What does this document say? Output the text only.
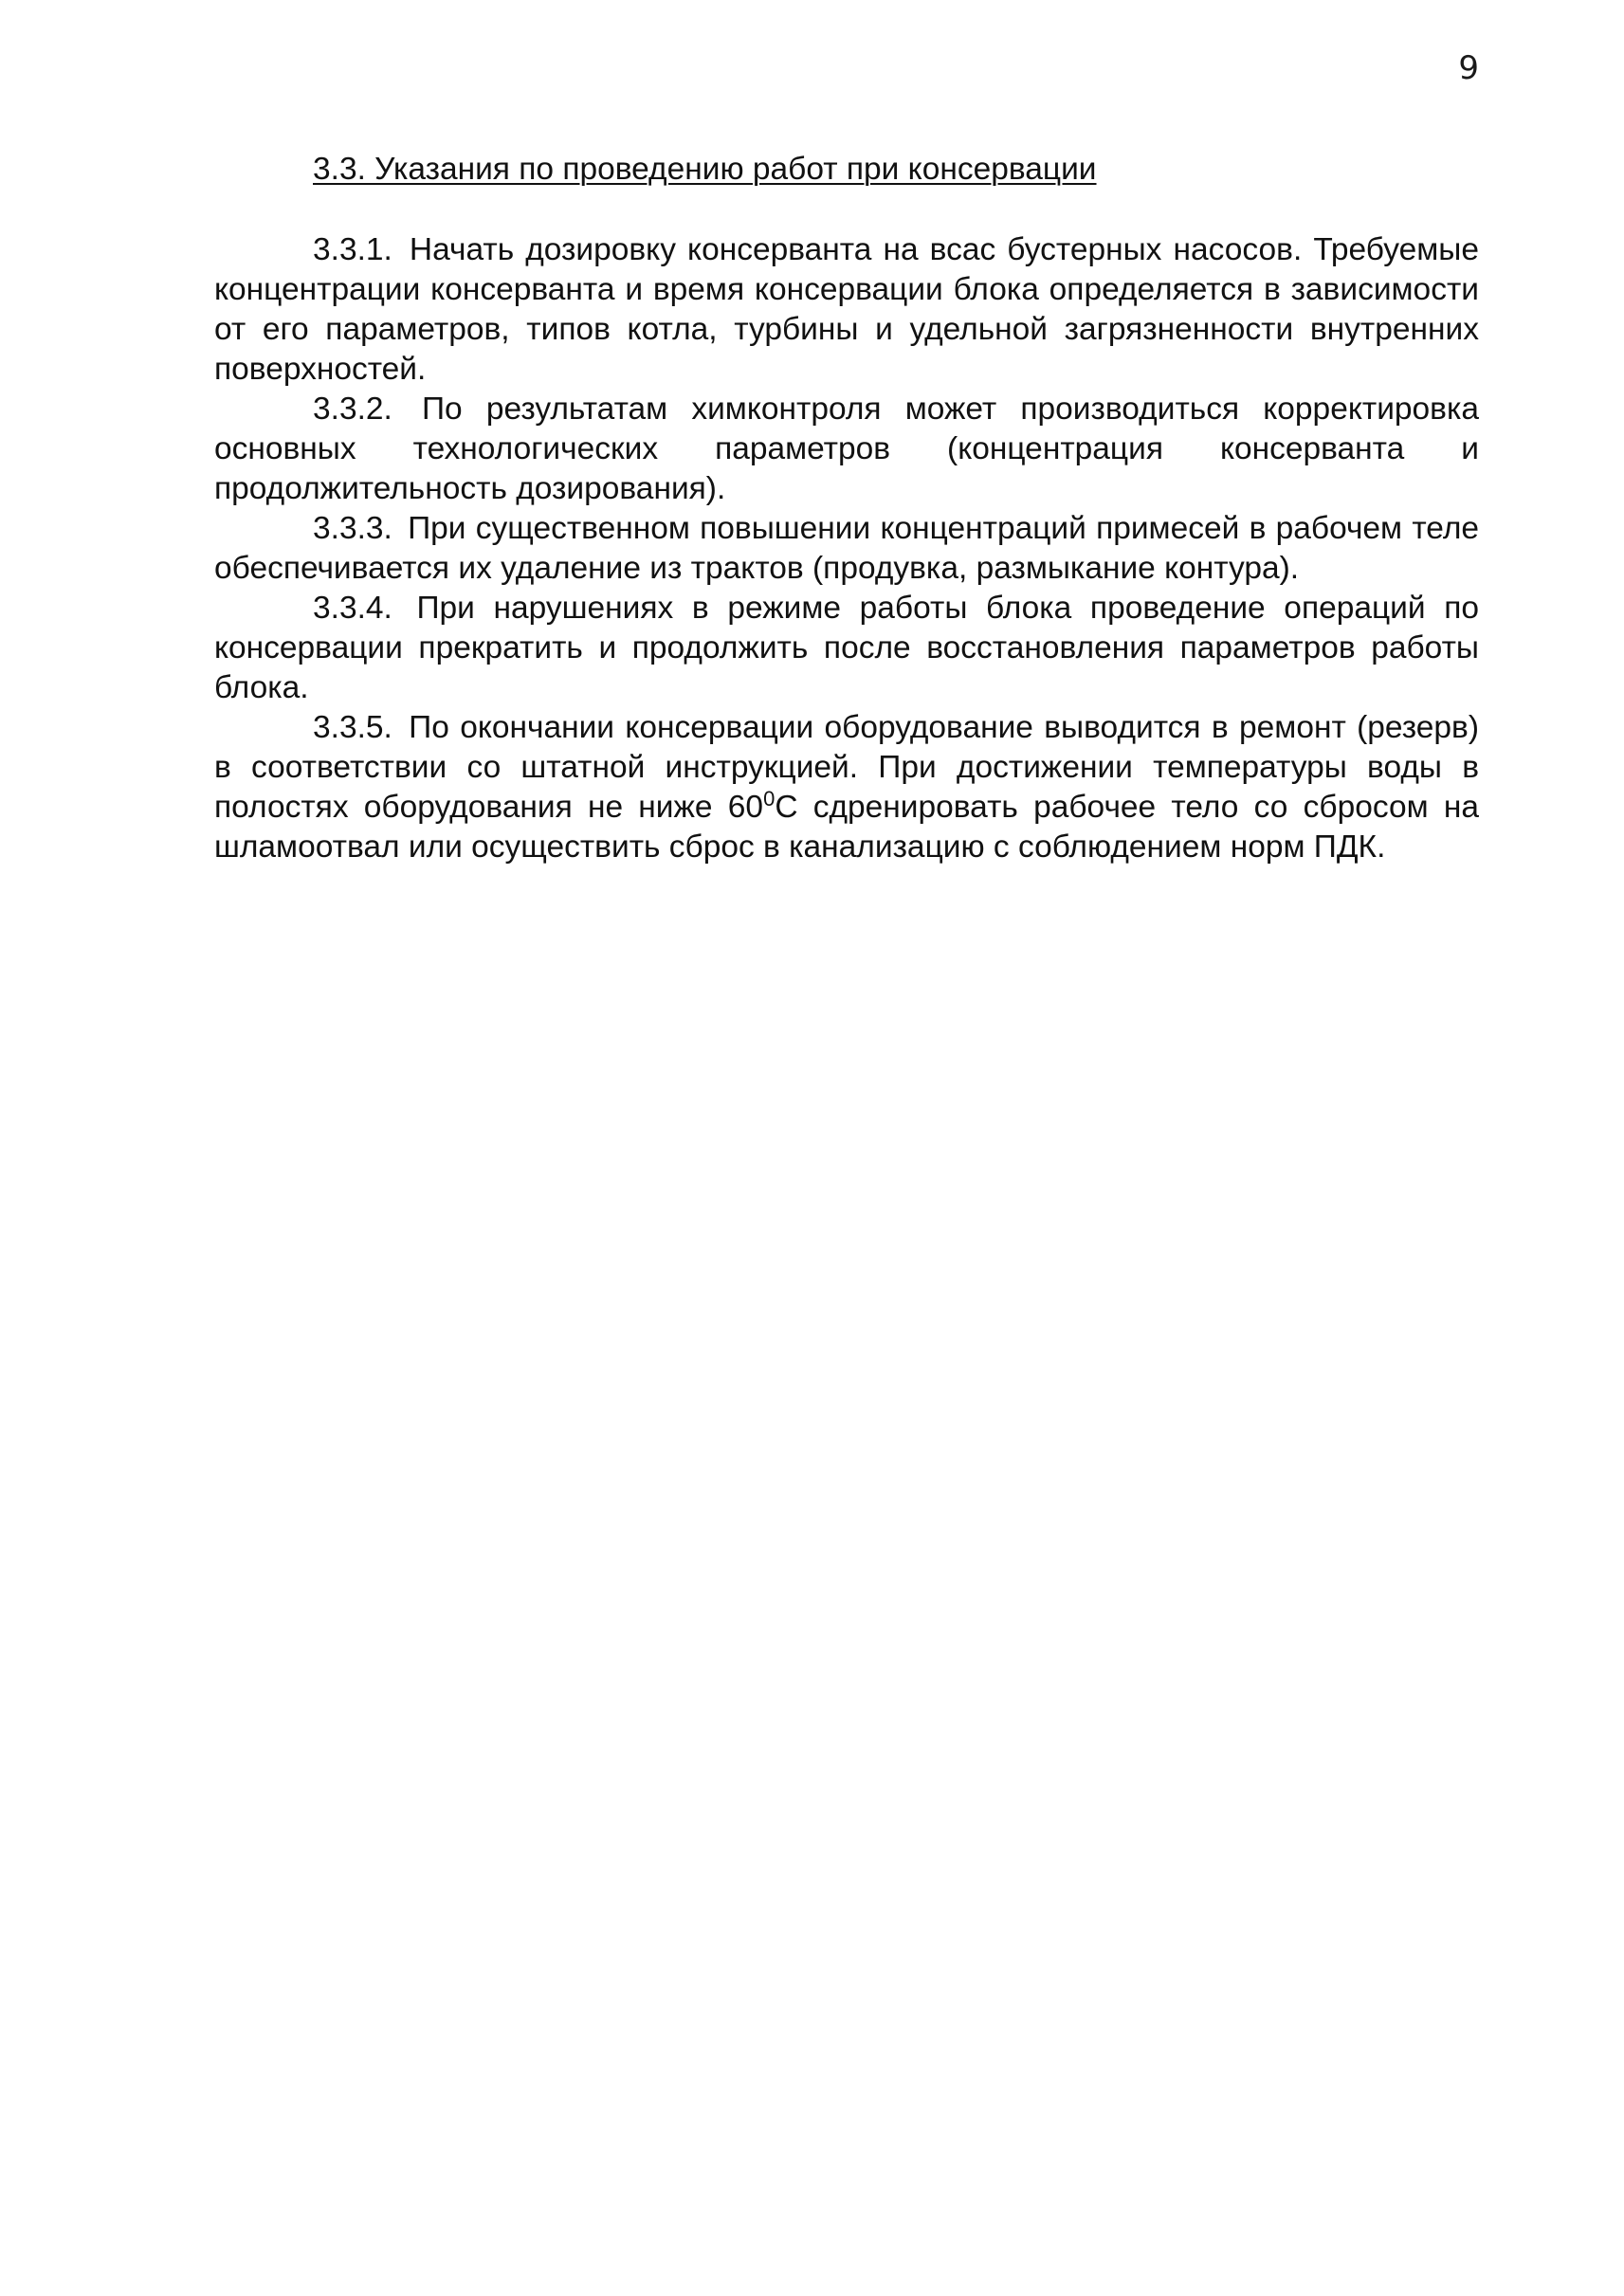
9
3.3. Указания по проведению работ при консервации

3.3.1. Начать дозировку консерванта на всас бустерных насосов. Требуемые концентрации консерванта и время консервации блока определяется в зависимости от его параметров, типов котла, турбины и удельной загрязненности внутренних поверхностей.

3.3.2. По результатам химконтроля может производиться корректировка основных технологических параметров (концентрация консерванта и продолжительность дозирования).

3.3.3. При существенном повышении концентраций примесей в рабочем теле обеспечивается их удаление из трактов (продувка, размыкание контура).

3.3.4. При нарушениях в режиме работы блока проведение операций по консервации прекратить и продолжить после восстановления параметров работы блока.

3.3.5. По окончании консервации оборудование выводится в ремонт (резерв) в соответствии со штатной инструкцией. При достижении температуры воды в полостях оборудования не ниже $60^0С$ сдренировать рабочее тело со сбросом на шламоотвал или осуществить сброс в канализацию с соблюдением норм ПДК.
